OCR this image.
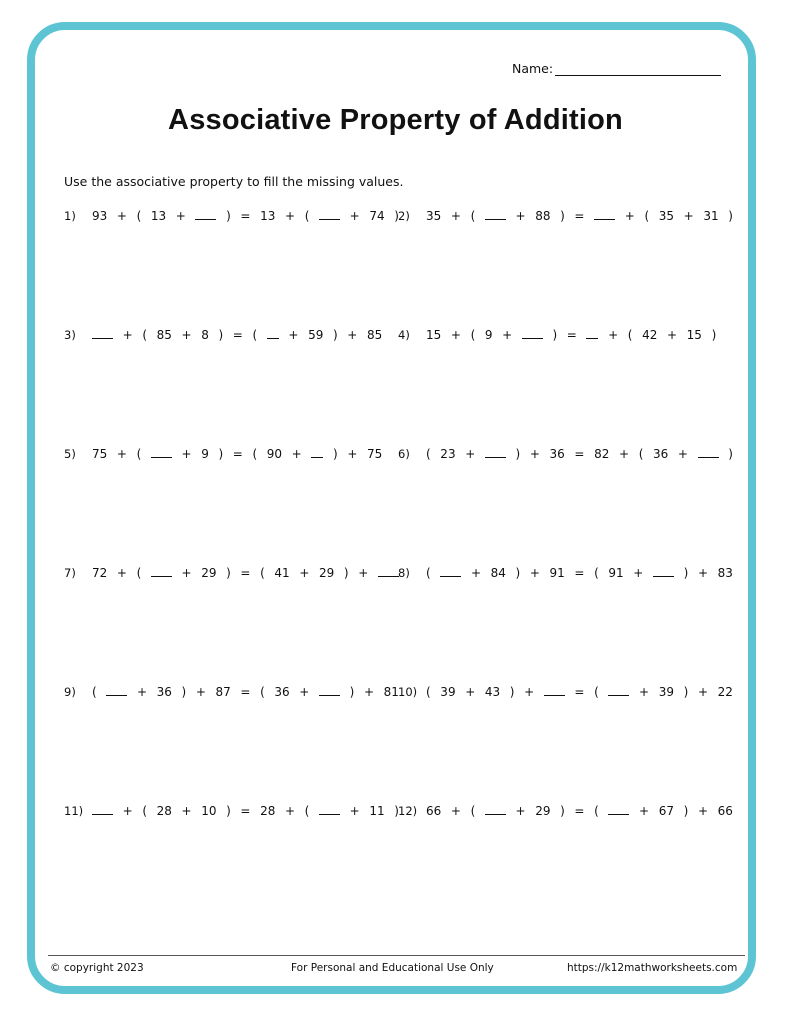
Name:
Associative Property of Addition
Use the associative property to fill the missing values.
1)	93  +  (  13  +    )  =  13  +  (    +  74  ) 2)	35  +  (    +  88  )  =    +  (  35  +  31  )
3)	+  (  85  +  8  )  =  (    +  59  )  +  85 4)	15  +  (  9  +    )  =    +  (  42  +  15  )
5)	75  +  (    +  9  )  =  (  90  +    )  +  75 6)	(  23  +    )  +  36  =  82  +  (  36  +    )
7)	72  +  (    +  29  )  =  (  41  +  29  )  +	8)	(    +  84  )  +  91  =  (  91  +    )  +  83
9)	(    +  36  )  +  87  =  (  36  +    )  +  81 10) (  39  +  43  )  +    =  (    +  39  )  +  22
11)	+  (  28  +  10  )  =  28  +  (    +  11  ) 12) 66  +  (    +  29  )  =  (    +  67  )  +  66
© copyright 2023	For Personal and Educational Use Only	https://k12mathworksheets.com
